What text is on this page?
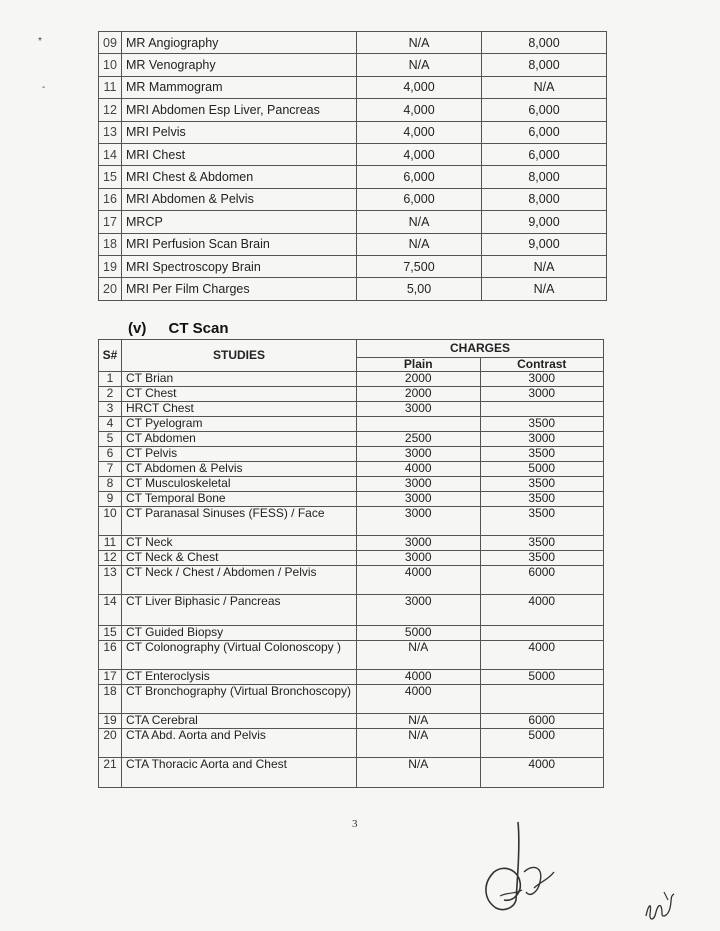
*
-
09	MR Angiography	N/A	8,000
10	MR Venography	N/A	8,000
11	MR Mammogram	4,000	N/A
12	MRI Abdomen Esp Liver, Pancreas	4,000	6,000
13	MRI Pelvis	4,000	6,000
14	MRI Chest	4,000	6,000
15	MRI Chest & Abdomen	6,000	8,000
16	MRI Abdomen & Pelvis	6,000	8,000
17	MRCP	N/A	9,000
18	MRI Perfusion Scan Brain	N/A	9,000
19	MRI Spectroscopy Brain	7,500	N/A
20	MRI Per Film Charges	5,00	N/A
(v) CT Scan
S#	STUDIES	CHARGES	
		Plain	Contrast
1	CT Brian	2000	3000
2	CT Chest	2000	3000
3	HRCT Chest	3000	
4	CT Pyelogram		3500
5	CT Abdomen	2500	3000
6	CT Pelvis	3000	3500
7	CT Abdomen & Pelvis	4000	5000
8	CT Musculoskeletal	3000	3500
9	CT Temporal Bone	3000	3500
10	CT Paranasal Sinuses (FESS) / Face	3000	3500
11	CT Neck	3000	3500
12	CT Neck & Chest	3000	3500
13	CT Neck / Chest / Abdomen / Pelvis	4000	6000
14	CT Liver Biphasic / Pancreas	3000	4000
15	CT Guided Biopsy	5000	
16	CT Colonography (Virtual Colonoscopy )	N/A	4000
17	CT Enteroclysis	4000	5000
18	CT Bronchography (Virtual Bronchoscopy)	4000	
19	CTA Cerebral	N/A	6000
20	CTA Abd. Aorta and Pelvis	N/A	5000
21	CTA Thoracic Aorta and Chest	N/A	4000
3
